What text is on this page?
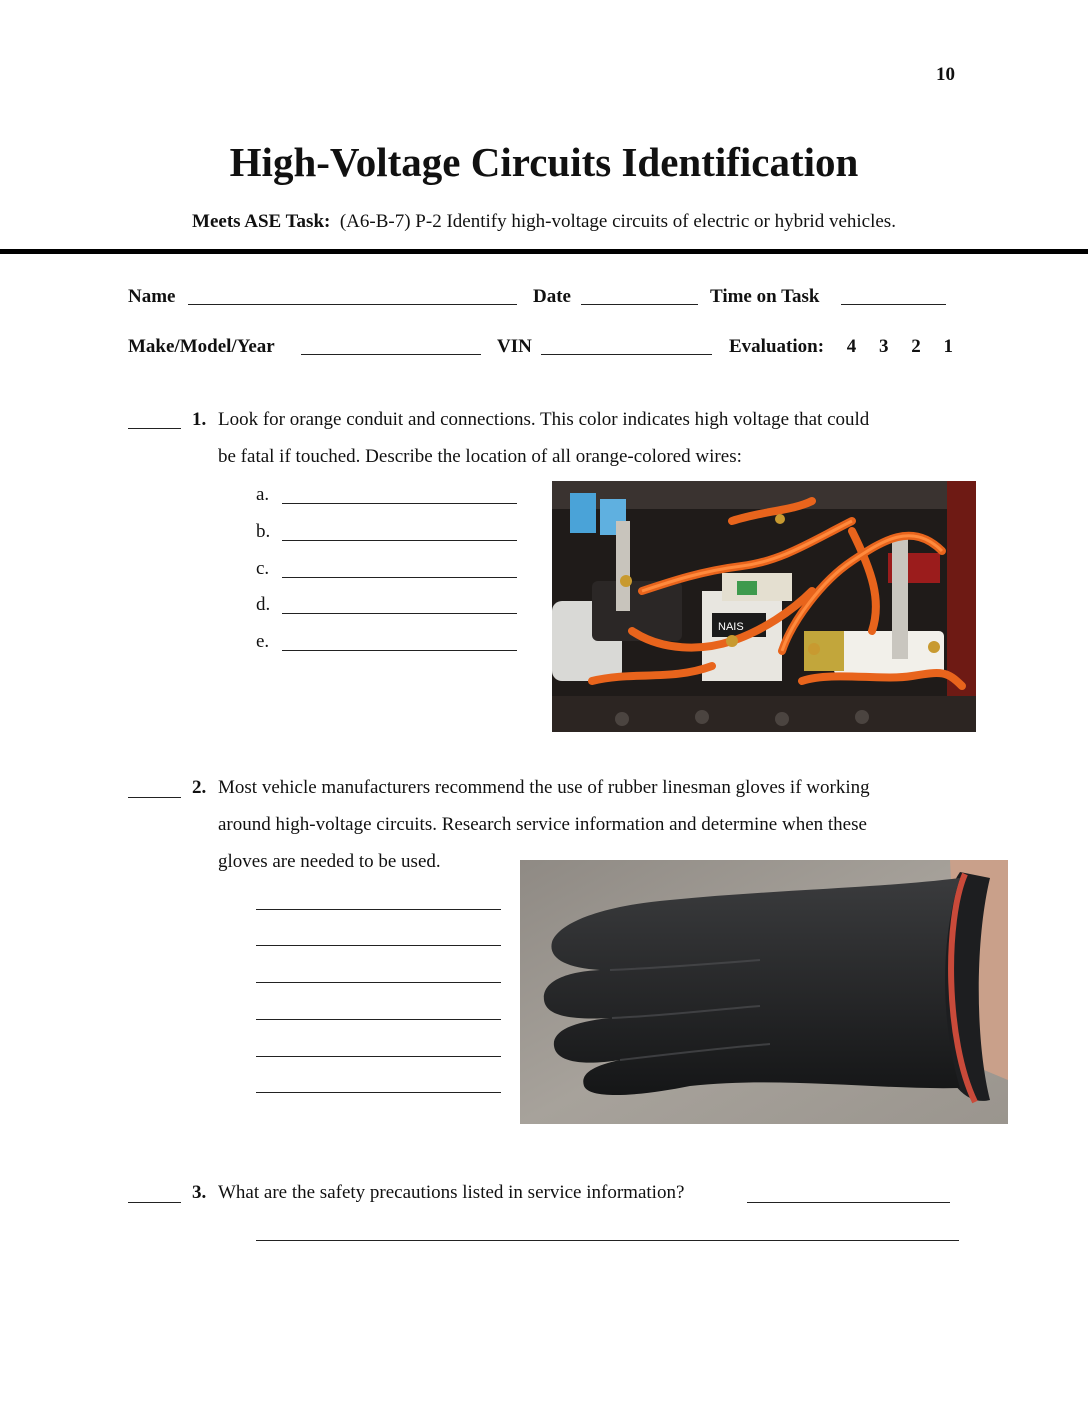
10
High-Voltage Circuits Identification
Meets ASE Task: (A6-B-7) P-2 Identify high-voltage circuits of electric or hybrid vehicles.
Name	Date	Time on Task
Make/Model/Year	VIN	Evaluation: 4 3 2 1
1. Look for orange conduit and connections. This color indicates high voltage that could
be fatal if touched. Describe the location of all orange-colored wires:
a.
b.
c.
d.
e.
NAIS
2. Most vehicle manufacturers recommend the use of rubber linesman gloves if working
around high-voltage circuits. Research service information and determine when these
gloves are needed to be used.
3. What are the safety precautions listed in service information?
